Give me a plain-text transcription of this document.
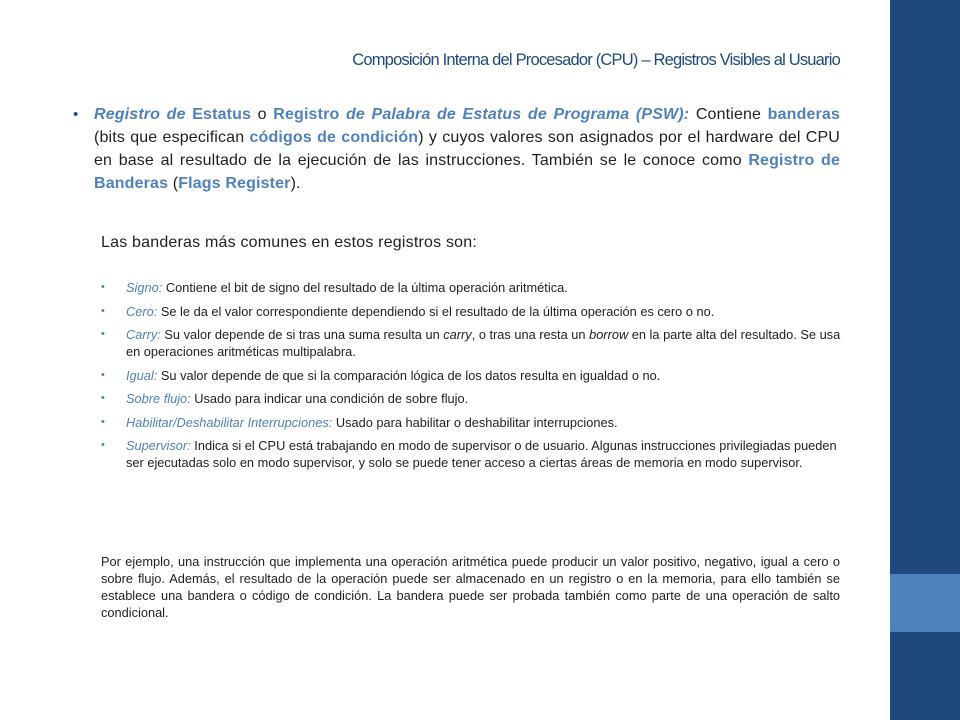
Composición Interna del Procesador (CPU) – Registros Visibles al Usuario
• Registro de Estatus o Registro de Palabra de Estatus de Programa (PSW): Contiene banderas (bits que especifican códigos de condición) y cuyos valores son asignados por el hardware del CPU en base al resultado de la ejecución de las instrucciones. También se le conoce como Registro de Banderas (Flags Register).
Las banderas más comunes en estos registros son:
• Signo: Contiene el bit de signo del resultado de la última operación aritmética.
• Cero: Se le da el valor correspondiente dependiendo si el resultado de la última operación es cero o no.
• Carry: Su valor depende de si tras una suma resulta un carry, o tras una resta un borrow en la parte alta del resultado. Se usa en operaciones aritméticas multipalabra.
• Igual: Su valor depende de que si la comparación lógica de los datos resulta en igualdad o no.
• Sobre flujo: Usado para indicar una condición de sobre flujo.
• Habilitar/Deshabilitar Interrupciones: Usado para habilitar o deshabilitar interrupciones.
• Supervisor: Indica si el CPU está trabajando en modo de supervisor o de usuario. Algunas instrucciones privilegiadas pueden ser ejecutadas solo en modo supervisor, y solo se puede tener acceso a ciertas áreas de memoria en modo supervisor.
Por ejemplo, una instrucción que implementa una operación aritmética puede producir un valor positivo, negativo, igual a cero o sobre flujo. Además, el resultado de la operación puede ser almacenado en un registro o en la memoria, para ello también se establece una bandera o código de condición. La bandera puede ser probada también como parte de una operación de salto condicional.
